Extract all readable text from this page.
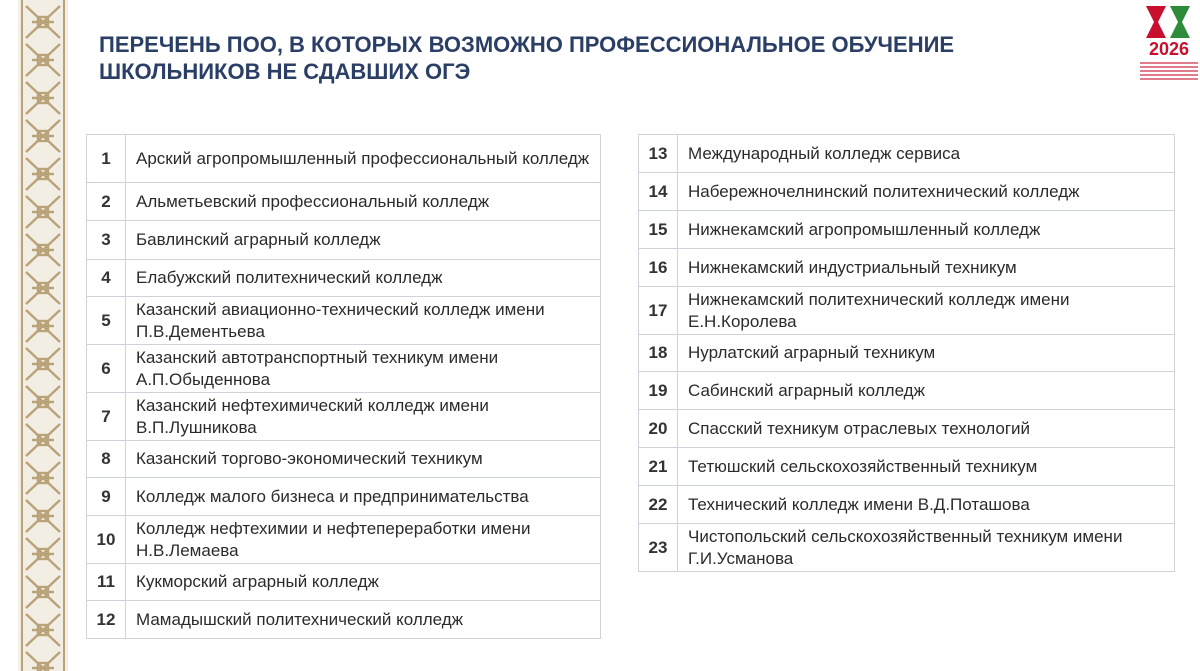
ПЕРЕЧЕНЬ ПОО, В КОТОРЫХ ВОЗМОЖНО ПРОФЕССИОНАЛЬНОЕ ОБУЧЕНИЕ
ШКОЛЬНИКОВ НЕ СДАВШИХ ОГЭ
2026
1	Арский агропромышленный профессиональный колледж
2	Альметьевский профессиональный колледж
3	Бавлинский аграрный колледж
4	Елабужский политехнический колледж
5	Казанский авиационно-технический колледж имени П.В.Дементьева
6	Казанский автотранспортный техникум имени А.П.Обыденнова
7	Казанский нефтехимический колледж имени В.П.Лушникова
8	Казанский торгово-экономический техникум
9	Колледж малого бизнеса и предпринимательства
10	Колледж нефтехимии и нефтепереработки имени Н.В.Лемаева
11	Кукморский аграрный колледж
12	Мамадышский политехнический колледж
13	Международный колледж сервиса
14	Набережночелнинский политехнический колледж
15	Нижнекамский агропромышленный колледж
16	Нижнекамский индустриальный техникум
17	Нижнекамский политехнический колледж имени Е.Н.Королева
18	Нурлатский аграрный техникум
19	Сабинский аграрный колледж
20	Спасский техникум отраслевых технологий
21	Тетюшский сельскохозяйственный техникум
22	Технический колледж имени В.Д.Поташова
23	Чистопольский сельскохозяйственный техникум имени Г.И.Усманова
